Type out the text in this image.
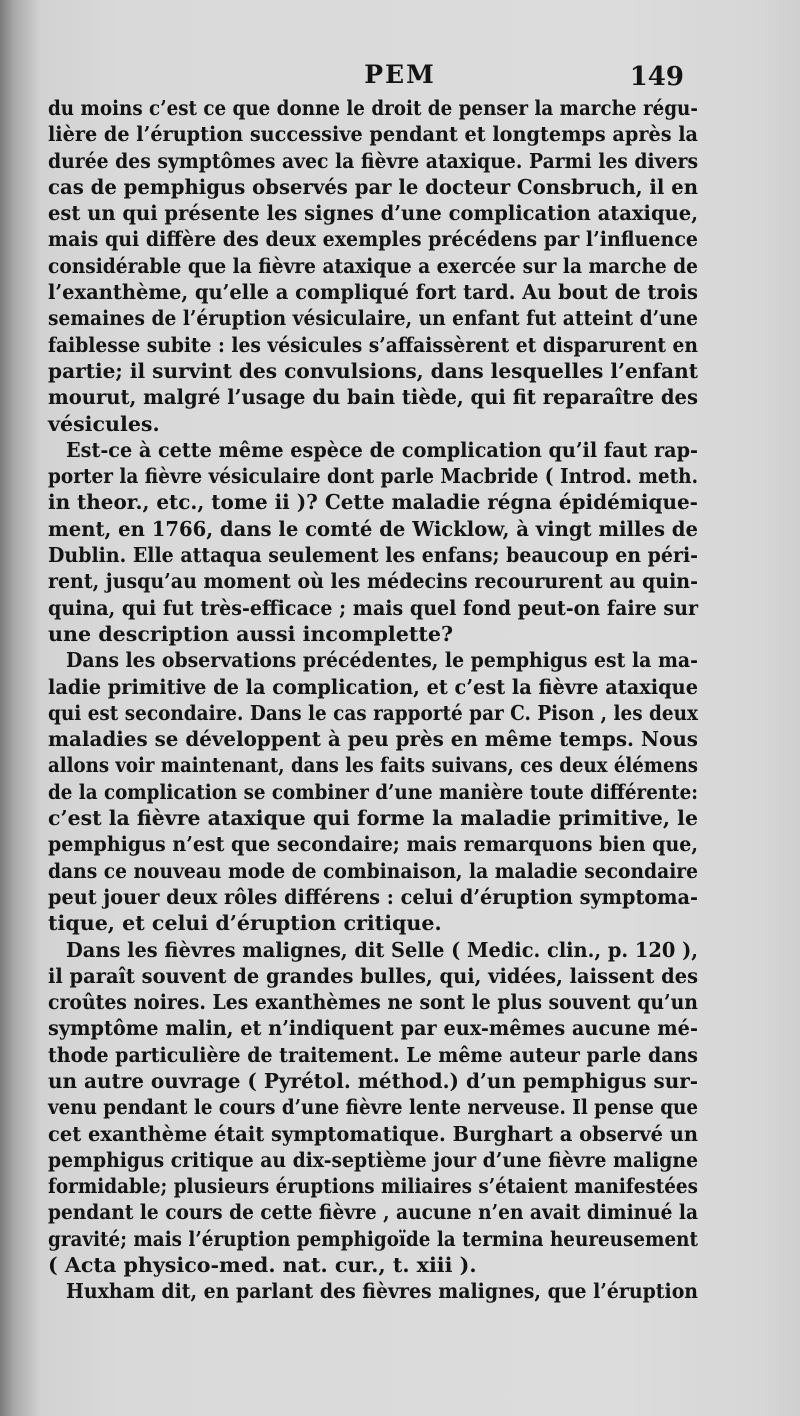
PEM	149
du moins c’est ce que donne le droit de penser la marche régu-
lière de l’éruption successive pendant et longtemps après la
durée des symptômes avec la fièvre ataxique. Parmi les divers
cas de pemphigus observés par le docteur Consbruch, il en
est un qui présente les signes d’une complication ataxique,
mais qui diffère des deux exemples précédens par l’influence
considérable que la fièvre ataxique a exercée sur la marche de
l’exanthème, qu’elle a compliqué fort tard. Au bout de trois
semaines de l’éruption vésiculaire, un enfant fut atteint d’une
faiblesse subite : les vésicules s’affaissèrent et disparurent en
partie; il survint des convulsions, dans lesquelles l’enfant
mourut, malgré l’usage du bain tiède, qui fit reparaître des
vésicules.
Est-ce à cette même espèce de complication qu’il faut rap-
porter la fièvre vésiculaire dont parle Macbride ( Introd. meth.
in theor., etc., tome ii )? Cette maladie régna épidémique-
ment, en 1766, dans le comté de Wicklow, à vingt milles de
Dublin. Elle attaqua seulement les enfans; beaucoup en péri-
rent, jusqu’au moment où les médecins recoururent au quin-
quina, qui fut très-efficace ; mais quel fond peut-on faire sur
une description aussi incomplette?
Dans les observations précédentes, le pemphigus est la ma-
ladie primitive de la complication, et c’est la fièvre ataxique
qui est secondaire. Dans le cas rapporté par C. Pison , les deux
maladies se développent à peu près en même temps. Nous
allons voir maintenant, dans les faits suivans, ces deux élémens
de la complication se combiner d’une manière toute différente:
c’est la fièvre ataxique qui forme la maladie primitive, le
pemphigus n’est que secondaire; mais remarquons bien que,
dans ce nouveau mode de combinaison, la maladie secondaire
peut jouer deux rôles différens : celui d’éruption symptoma-
tique, et celui d’éruption critique.
Dans les fièvres malignes, dit Selle ( Medic. clin., p. 120 ),
il paraît souvent de grandes bulles, qui, vidées, laissent des
croûtes noires. Les exanthèmes ne sont le plus souvent qu’un
symptôme malin, et n’indiquent par eux-mêmes aucune mé-
thode particulière de traitement. Le même auteur parle dans
un autre ouvrage ( Pyrétol. méthod.) d’un pemphigus sur-
venu pendant le cours d’une fièvre lente nerveuse. Il pense que
cet exanthème était symptomatique. Burghart a observé un
pemphigus critique au dix-septième jour d’une fièvre maligne
formidable; plusieurs éruptions miliaires s’étaient manifestées
pendant le cours de cette fièvre , aucune n’en avait diminué la
gravité; mais l’éruption pemphigoïde la termina heureusement
( Acta physico-med. nat. cur., t. xiii ).
Huxham dit, en parlant des fièvres malignes, que l’éruption
